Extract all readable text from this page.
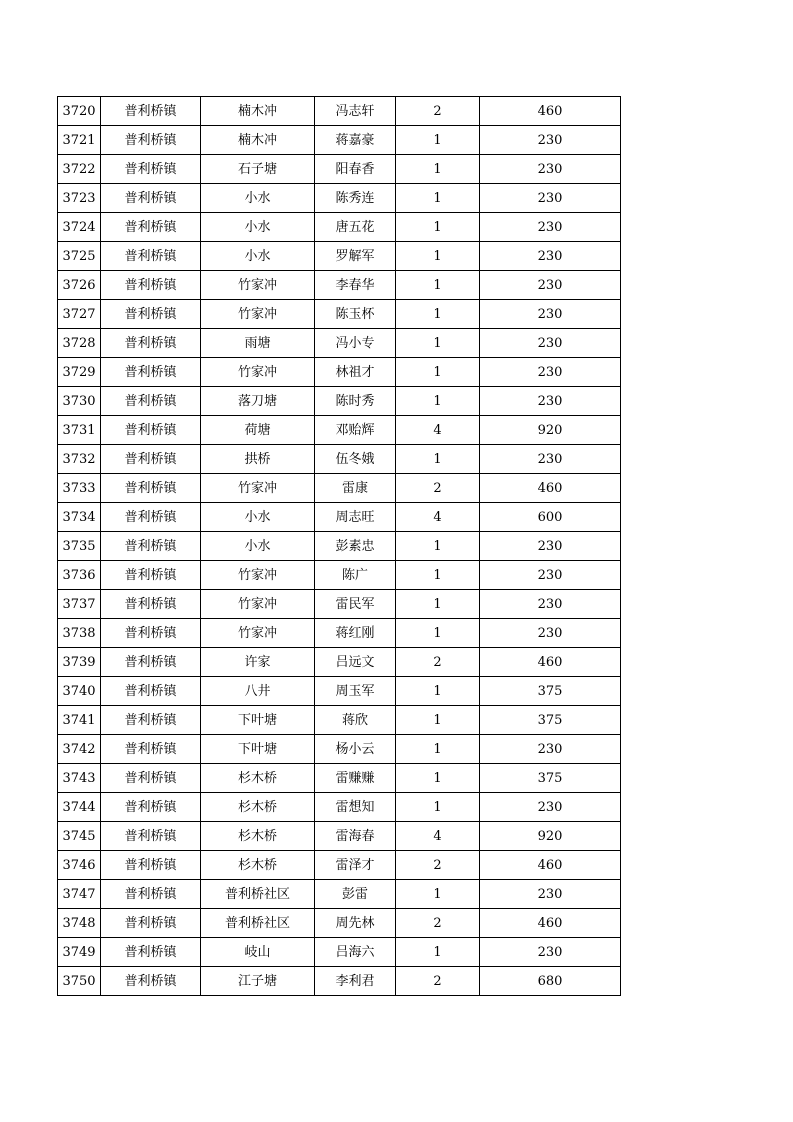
3720	普利桥镇	楠木冲	冯志轩	2	460
3721	普利桥镇	楠木冲	蒋嘉豪	1	230
3722	普利桥镇	石子塘	阳春香	1	230
3723	普利桥镇	小水	陈秀连	1	230
3724	普利桥镇	小水	唐五花	1	230
3725	普利桥镇	小水	罗解军	1	230
3726	普利桥镇	竹家冲	李春华	1	230
3727	普利桥镇	竹家冲	陈玉杯	1	230
3728	普利桥镇	雨塘	冯小专	1	230
3729	普利桥镇	竹家冲	林祖才	1	230
3730	普利桥镇	落刀塘	陈时秀	1	230
3731	普利桥镇	荷塘	邓贻辉	4	920
3732	普利桥镇	拱桥	伍冬娥	1	230
3733	普利桥镇	竹家冲	雷康	2	460
3734	普利桥镇	小水	周志旺	4	600
3735	普利桥镇	小水	彭素忠	1	230
3736	普利桥镇	竹家冲	陈广	1	230
3737	普利桥镇	竹家冲	雷民军	1	230
3738	普利桥镇	竹家冲	蒋红刚	1	230
3739	普利桥镇	许家	吕远文	2	460
3740	普利桥镇	八井	周玉军	1	375
3741	普利桥镇	下叶塘	蒋欣	1	375
3742	普利桥镇	下叶塘	杨小云	1	230
3743	普利桥镇	杉木桥	雷赚赚	1	375
3744	普利桥镇	杉木桥	雷想知	1	230
3745	普利桥镇	杉木桥	雷海春	4	920
3746	普利桥镇	杉木桥	雷泽才	2	460
3747	普利桥镇	普利桥社区	彭雷	1	230
3748	普利桥镇	普利桥社区	周先林	2	460
3749	普利桥镇	岐山	吕海六	1	230
3750	普利桥镇	江子塘	李利君	2	680
